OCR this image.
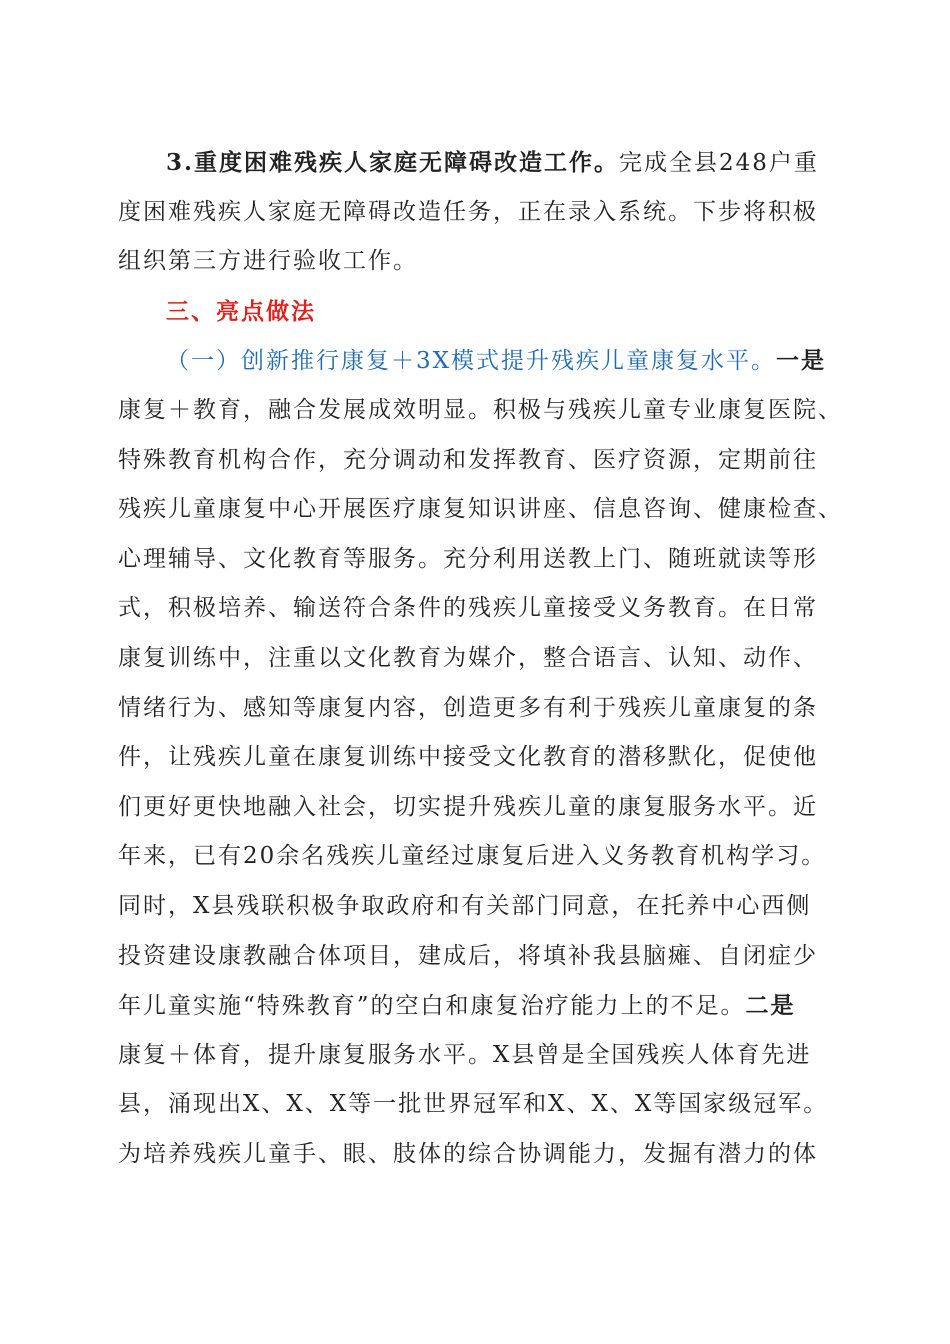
3.重度困难残疾人家庭无障碍改造工作。完成全县248户重
度困难残疾人家庭无障碍改造任务，正在录入系统。下步将积极
组织第三方进行验收工作。
三、亮点做法
（一）创新推行康复＋3X模式提升残疾儿童康复水平。一是
康复＋教育，融合发展成效明显。积极与残疾儿童专业康复医院、
特殊教育机构合作，充分调动和发挥教育、医疗资源，定期前往
残疾儿童康复中心开展医疗康复知识讲座、信息咨询、健康检查、
心理辅导、文化教育等服务。充分利用送教上门、随班就读等形
式，积极培养、输送符合条件的残疾儿童接受义务教育。在日常
康复训练中，注重以文化教育为媒介，整合语言、认知、动作、
情绪行为、感知等康复内容，创造更多有利于残疾儿童康复的条
件，让残疾儿童在康复训练中接受文化教育的潜移默化，促使他
们更好更快地融入社会，切实提升残疾儿童的康复服务水平。近
年来，已有20余名残疾儿童经过康复后进入义务教育机构学习。
同时，X县残联积极争取政府和有关部门同意，在托养中心西侧
投资建设康教融合体项目，建成后，将填补我县脑瘫、自闭症少
年儿童实施“特殊教育”的空白和康复治疗能力上的不足。二是
康复＋体育，提升康复服务水平。X县曾是全国残疾人体育先进
县，涌现出X、X、X等一批世界冠军和X、X、X等国家级冠军。
为培养残疾儿童手、眼、肢体的综合协调能力，发掘有潜力的体
